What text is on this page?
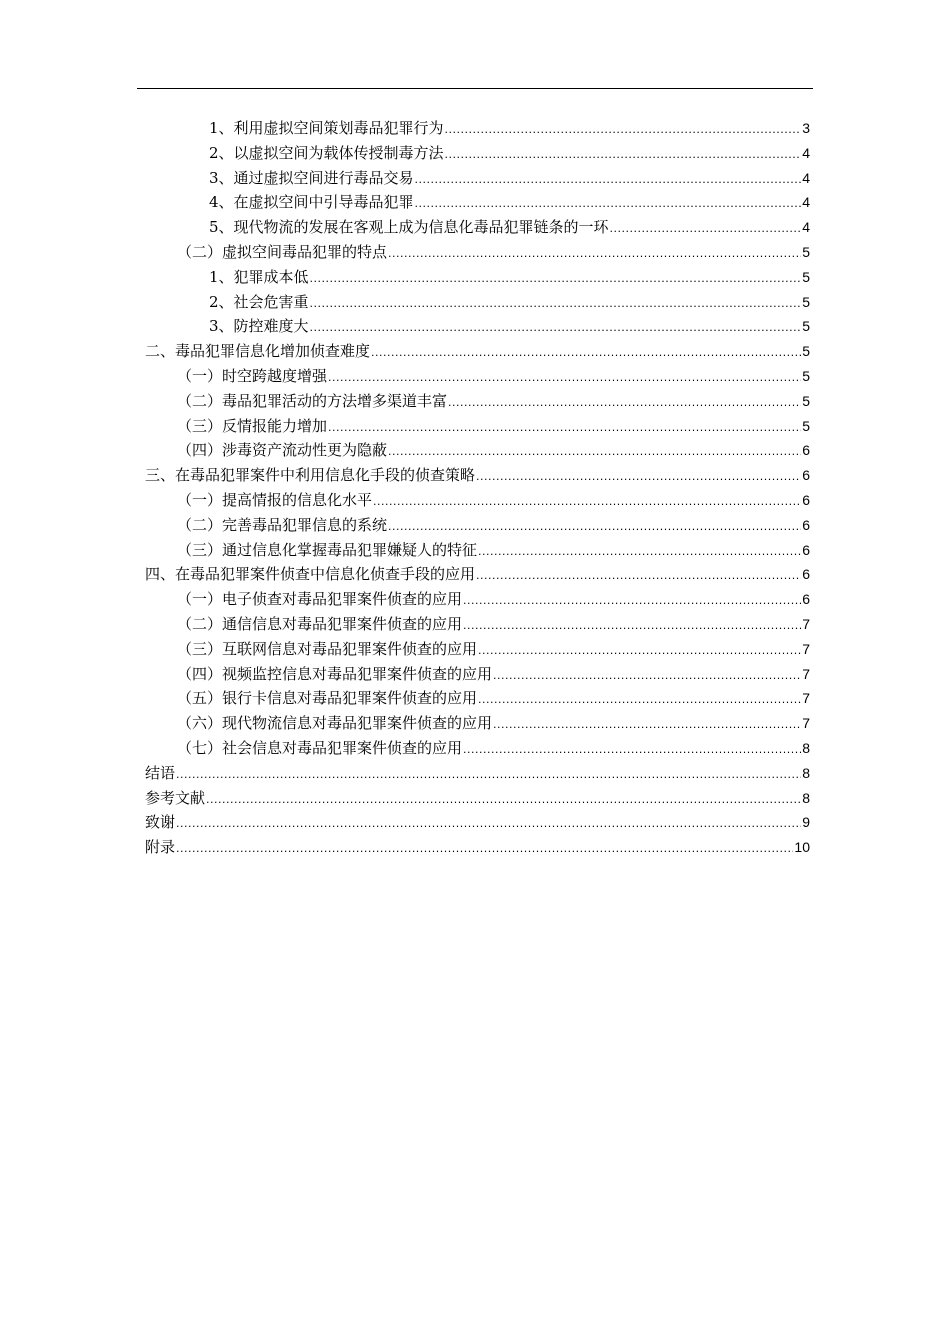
1、利用虚拟空间策划毒品犯罪行为 .....	3
2、以虚拟空间为载体传授制毒方法 .....	4
3、通过虚拟空间进行毒品交易 .....	4
4、在虚拟空间中引导毒品犯罪 .....	4
5、现代物流的发展在客观上成为信息化毒品犯罪链条的一环 .....	4
（二）虚拟空间毒品犯罪的特点 .....	5
1、犯罪成本低 .....	5
2、社会危害重 .....	5
3、防控难度大 .....	5
二、毒品犯罪信息化增加侦查难度 .....	5
（一）时空跨越度增强 .....	5
（二）毒品犯罪活动的方法增多渠道丰富 .....	5
（三）反情报能力增加 .....	5
（四）涉毒资产流动性更为隐蔽 .....	6
三、在毒品犯罪案件中利用信息化手段的侦查策略 .....	6
（一）提高情报的信息化水平 .....	6
（二）完善毒品犯罪信息的系统 .....	6
（三）通过信息化掌握毒品犯罪嫌疑人的特征 .....	6
四、在毒品犯罪案件侦查中信息化侦查手段的应用 .....	6
（一）电子侦查对毒品犯罪案件侦查的应用 .....	6
（二）通信信息对毒品犯罪案件侦查的应用 .....	7
（三）互联网信息对毒品犯罪案件侦查的应用 .....	7
（四）视频监控信息对毒品犯罪案件侦查的应用 .....	7
（五）银行卡信息对毒品犯罪案件侦查的应用 .....	7
（六）现代物流信息对毒品犯罪案件侦查的应用 .....	7
（七）社会信息对毒品犯罪案件侦查的应用 .....	8
结语 .....	8
参考文献 .....	8
致谢 .....	9
附录 .....	10
